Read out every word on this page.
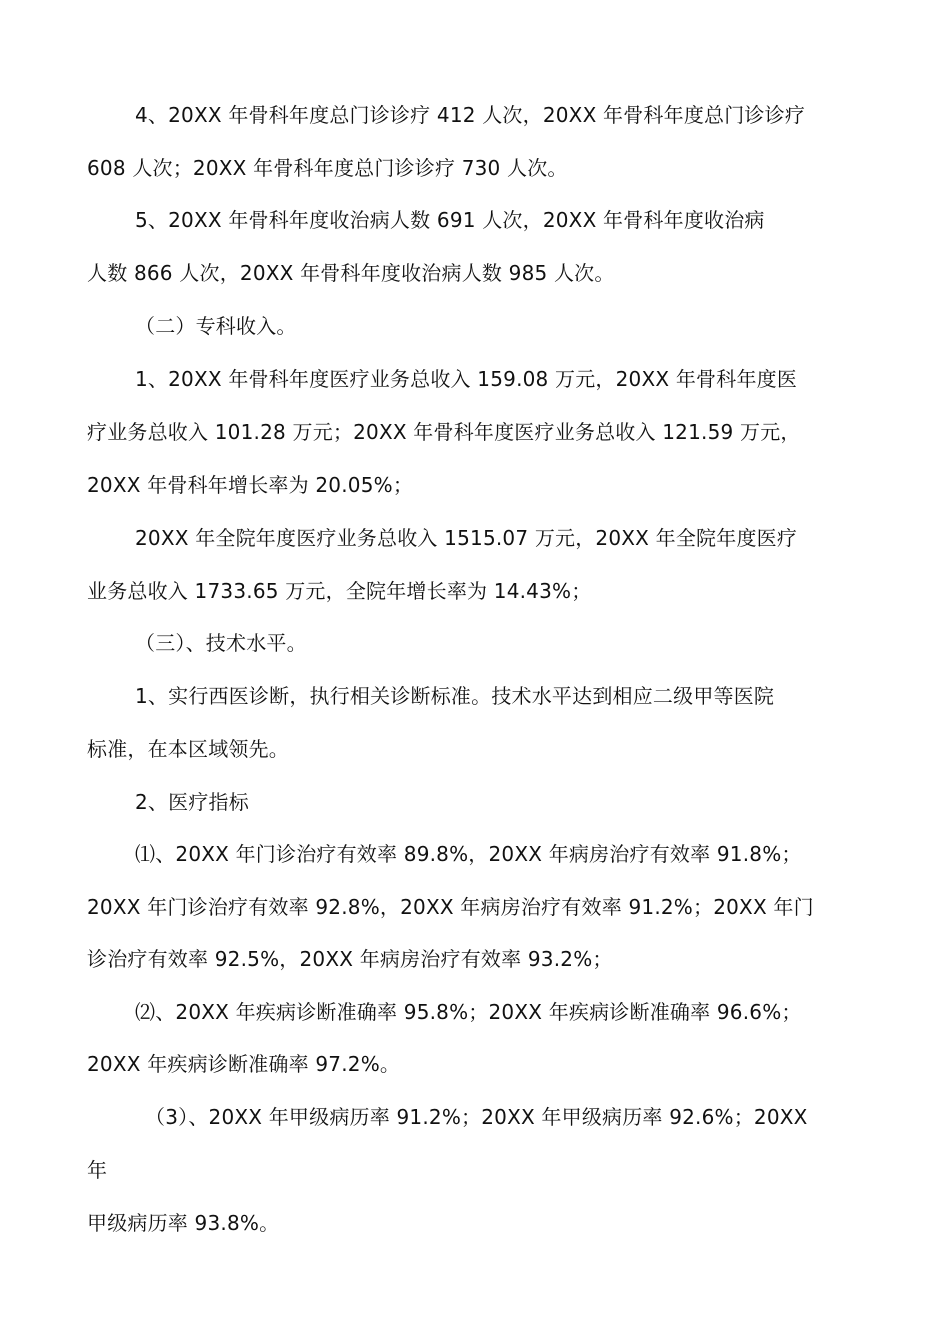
4、20XX 年骨科年度总门诊诊疗 412 人次，20XX 年骨科年度总门诊诊疗
608 人次；20XX 年骨科年度总门诊诊疗 730 人次。
5、20XX 年骨科年度收治病人数 691 人次，20XX 年骨科年度收治病
人数 866 人次，20XX 年骨科年度收治病人数 985 人次。
（二）专科收入。
1、20XX 年骨科年度医疗业务总收入 159.08 万元，20XX 年骨科年度医
疗业务总收入 101.28 万元；20XX 年骨科年度医疗业务总收入 121.59 万元，
20XX 年骨科年增长率为 20.05%；
20XX 年全院年度医疗业务总收入 1515.07 万元，20XX 年全院年度医疗
业务总收入 1733.65 万元，全院年增长率为 14.43%；
（三）、技术水平。
1、实行西医诊断，执行相关诊断标准。技术水平达到相应二级甲等医院
标准，在本区域领先。
2、医疗指标
⑴、20XX 年门诊治疗有效率 89.8%，20XX 年病房治疗有效率 91.8%；
20XX 年门诊治疗有效率 92.8%，20XX 年病房治疗有效率 91.2%；20XX 年门
诊治疗有效率 92.5%，20XX 年病房治疗有效率 93.2%；
⑵、20XX 年疾病诊断准确率 95.8%；20XX 年疾病诊断准确率 96.6%；
20XX 年疾病诊断准确率 97.2%。
（3）、20XX 年甲级病历率 91.2%；20XX 年甲级病历率 92.6%；20XX
年
甲级病历率 93.8%。
